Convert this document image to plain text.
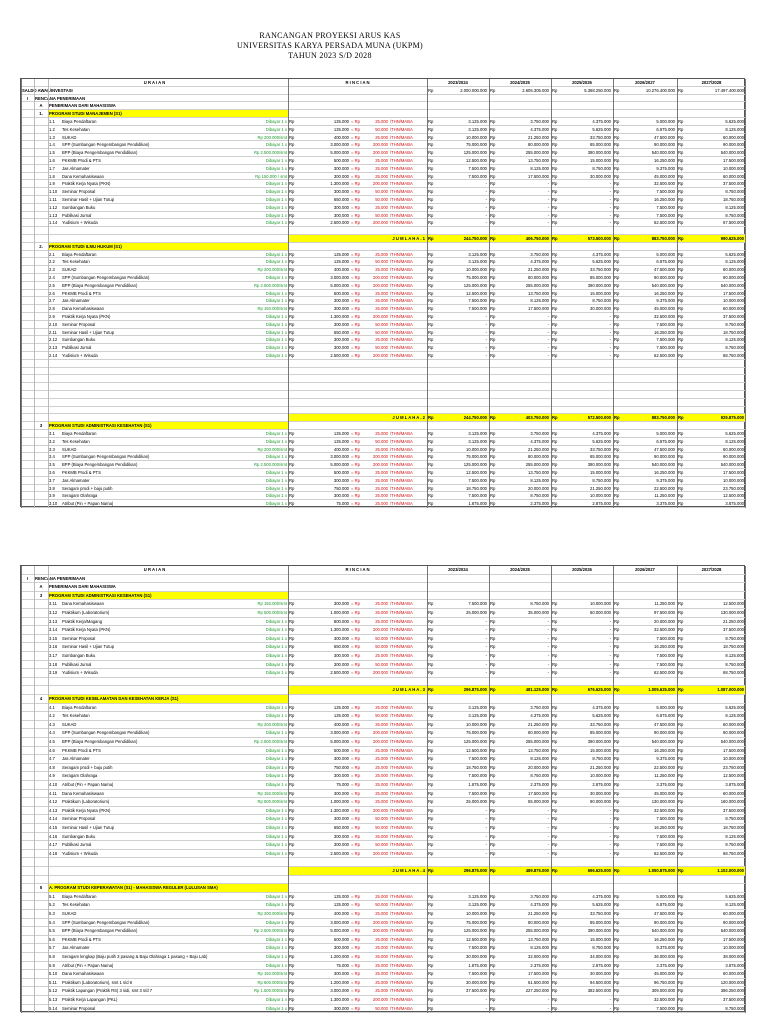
RANCANGAN PROYEKSI ARUS KAS
UNIVERSITAS KARYA PERSADA MUNA (UKPM)
TAHUN 2023 S/D 2028
U R A I A N	R I N C I A N	2023/2024	2024/2025	2025/2026	2026/2027	2027/2028
SALDO AWAL/INVESTASI	Rp	2.000.000.000 Rp	2.605.305.000 Rp	5.368.250.000 Rp	10.276.400.000 Rp	17.497.400.000
I	RENCANA PENERIMAAN
A	PENERIMAAN DARI MAHASISWA
1.	PROGRAM STUDI MANAJEMEN (S1)
1.1	Biaya Pendaftaran	Dibayar 1 x Rp	125.000 = Rp	25.000 /THN/MABA	Rp	3.125.000 Rp	3.750.000 Rp	4.375.000 Rp	5.000.000 Rp	5.625.000
1.2	Tes Kesehatan	Dibayar 1 x Rp	125.000 = Rp	50.000 /THN/MABA	Rp	3.125.000 Rp	4.375.000 Rp	5.625.000 Rp	6.875.000 Rp	8.125.000
1.3	SUKAD	Rp 200.000/smt Rp	400.000 = Rp	25.000 /THN/MABA	Rp	10.000.000 Rp	21.250.000 Rp	33.750.000 Rp	47.500.000 Rp	60.000.000
1.4	SPP (Sumbangan Pengembangan Pendidikan)	Dibayar 1 x Rp	3.000.000 = Rp	200.000 /THN/MABA	Rp	75.000.000 Rp	80.000.000 Rp	85.000.000 Rp	90.000.000 Rp	90.000.000
1.5	BPP (Biaya Pengembangan Pendidikan)	Rp 2.500.000/smt Rp	5.000.000 = Rp	200.000 /THN/MABA	Rp	125.000.000 Rp	255.000.000 Rp	390.000.000 Rp	540.000.000 Rp	540.000.000
1.6	PKKMB Prodi & PTS	Dibayar 1 x Rp	500.000 = Rp	25.000 /THN/MABA	Rp	12.500.000 Rp	13.750.000 Rp	15.000.000 Rp	16.250.000 Rp	17.500.000
1.7	Jas Almamater	Dibayar 1 x Rp	300.000 = Rp	25.000 /THN/MABA	Rp	7.500.000 Rp	8.125.000 Rp	8.750.000 Rp	9.375.000 Rp	10.000.000
1.8	Dana Kemahasiswaan	Rp 150.000 / smt Rp	300.000 = Rp	25.000 /THN/MABA	Rp	7.500.000 Rp	17.500.000 Rp	30.000.000 Rp	45.000.000 Rp	60.000.000
1.9	Praktik Kerja Nyata (PKN)	Dibayar 1 x Rp	1.300.000 = Rp	200.000 /THN/MABA	Rp	- Rp	- Rp	- Rp	32.500.000 Rp	37.500.000
1.10	Seminar Proposal	Dibayar 1 x Rp	300.000 = Rp	50.000 /THN/MABA	Rp	- Rp	- Rp	- Rp	7.500.000 Rp	8.750.000
1.11	Seminar Hasil + Ujian Tutup	Dibayar 1 x Rp	650.000 = Rp	50.000 /THN/MABA	Rp	- Rp	- Rp	- Rp	16.250.000 Rp	18.750.000
1.12	Sumbangan Buku	Dibayar 1 x Rp	300.000 = Rp	25.000 /THN/MABA	Rp	- Rp	- Rp	- Rp	7.500.000 Rp	8.125.000
1.13	Publikasi Jurnal	Dibayar 1 x Rp	300.000 = Rp	50.000 /THN/MABA	Rp	- Rp	- Rp	- Rp	7.500.000 Rp	8.750.000
1.14	Yudisium + Wisuda	Dibayar 1 x Rp	2.500.000 = Rp	200.000 /THN/MABA	Rp	- Rp	- Rp	- Rp	62.500.000 Rp	67.500.000
J U M L A H A . 1 Rp	244.750.000 Rp	406.750.000 Rp	573.500.000 Rp	883.750.000 Rp	990.625.000
2.	PROGRAM STUDI ILMU HUKUM (S1)
2.1	Biaya Pendaftaran	Dibayar 1 x Rp	125.000 = Rp	25.000 /THN/MABA	Rp	3.125.000 Rp	3.750.000 Rp	4.375.000 Rp	5.000.000 Rp	5.625.000
2.2	Tes Kesehatan	Dibayar 1 x Rp	125.000 = Rp	50.000 /THN/MABA	Rp	3.125.000 Rp	4.375.000 Rp	5.625.000 Rp	6.875.000 Rp	8.125.000
2.3	SUKAD	Rp 200.000/smt Rp	400.000 = Rp	25.000 /THN/MABA	Rp	10.000.000 Rp	21.250.000 Rp	33.750.000 Rp	47.500.000 Rp	60.000.000
2.4	SPP (Sumbangan Pengembangan Pendidikan)	Dibayar 1 x Rp	3.000.000 = Rp	200.000 /THN/MABA	Rp	75.000.000 Rp	80.000.000 Rp	85.000.000 Rp	90.000.000 Rp	90.000.000
2.5	BPP (Biaya Pengembangan Pendidikan)	Rp 2.500.000/smt Rp	5.000.000 = Rp	200.000 /THN/MABA	Rp	125.000.000 Rp	255.000.000 Rp	390.000.000 Rp	540.000.000 Rp	540.000.000
2.6	PKKMB Prodi & PTS	Dibayar 1 x Rp	500.000 = Rp	25.000 /THN/MABA	Rp	12.500.000 Rp	13.750.000 Rp	15.000.000 Rp	16.250.000 Rp	17.500.000
2.7	Jas Almamater	Dibayar 1 x Rp	300.000 = Rp	25.000 /THN/MABA	Rp	7.500.000 Rp	8.125.000 Rp	8.750.000 Rp	9.375.000 Rp	10.000.000
2.8	Dana Kemahasiswaan	Rp 150.000/smt Rp	300.000 = Rp	25.000 /THN/MABA	Rp	7.500.000 Rp	17.500.000 Rp	30.000.000 Rp	45.000.000 Rp	60.000.000
2.9	Praktik Kerja Nyata (PKN)	Dibayar 1 x Rp	1.300.000 = Rp	200.000 /THN/MABA	Rp	- Rp	- Rp	- Rp	32.500.000 Rp	37.500.000
2.10	Seminar Proposal	Dibayar 1 x Rp	300.000 = Rp	50.000 /THN/MABA	Rp	- Rp	- Rp	- Rp	7.500.000 Rp	8.750.000
2.11	Seminar Hasil + Ujian Tutup	Dibayar 1 x Rp	650.000 = Rp	50.000 /THN/MABA	Rp	- Rp	- Rp	- Rp	16.250.000 Rp	18.750.000
2.12	Sumbangan Buku	Dibayar 1 x Rp	300.000 = Rp	25.000 /THN/MABA	Rp	- Rp	- Rp	- Rp	7.500.000 Rp	8.125.000
2.13	Publikasi Jurnal	Dibayar 1 x Rp	300.000 = Rp	50.000 /THN/MABA	Rp	- Rp	- Rp	- Rp	7.500.000 Rp	8.750.000
2.14	Yudisium + Wisuda	Dibayar 1 x Rp	2.500.000 = Rp	200.000 /THN/MABA	Rp	- Rp	- Rp	- Rp	62.500.000 Rp	68.750.000
J U M L A H A . 2 Rp	244.750.000 Rp	403.750.000 Rp	572.500.000 Rp	883.750.000 Rp	925.875.000
3	PROGRAM STUDI ADMINISTRASI KESEHATAN (S1)
3.1	Biaya Pendaftaran	Dibayar 1 x Rp	125.000 = Rp	25.000 /THN/MABA	Rp	3.125.000 Rp	3.750.000 Rp	4.375.000 Rp	5.000.000 Rp	5.625.000
3.2	Tes Kesehatan	Dibayar 1 x Rp	125.000 = Rp	50.000 /THN/MABA	Rp	3.125.000 Rp	4.375.000 Rp	5.625.000 Rp	6.875.000 Rp	8.125.000
3.3	SUKAD	Rp 200.000/smt Rp	400.000 = Rp	25.000 /THN/MABA	Rp	10.000.000 Rp	21.250.000 Rp	33.750.000 Rp	47.500.000 Rp	60.000.000
3.4	SPP (Sumbangan Pengembangan Pendidikan)	Dibayar 1 x Rp	3.000.000 = Rp	200.000 /THN/MABA	Rp	75.000.000 Rp	80.000.000 Rp	85.000.000 Rp	90.000.000 Rp	90.000.000
3.5	BPP (Biaya Pengembangan Pendidikan)	Rp 2.500.000/smt Rp	5.000.000 = Rp	200.000 /THN/MABA	Rp	125.000.000 Rp	255.000.000 Rp	390.000.000 Rp	540.000.000 Rp	540.000.000
3.6	PKKMB Prodi & PTS	Dibayar 1 x Rp	500.000 = Rp	25.000 /THN/MABA	Rp	12.500.000 Rp	13.750.000 Rp	15.000.000 Rp	16.250.000 Rp	17.500.000
3.7	Jas Almamater	Dibayar 1 x Rp	300.000 = Rp	25.000 /THN/MABA	Rp	7.500.000 Rp	8.125.000 Rp	8.750.000 Rp	9.375.000 Rp	10.000.000
3.8	Seragam prodi + baju putih	Dibayar 1 x Rp	750.000 = Rp	25.000 /THN/MABA	Rp	18.750.000 Rp	20.000.000 Rp	21.250.000 Rp	22.500.000 Rp	23.750.000
3.9	Seragam Olahraga	Dibayar 1 x Rp	300.000 = Rp	25.000 /THN/MABA	Rp	7.500.000 Rp	8.750.000 Rp	10.000.000 Rp	11.250.000 Rp	12.500.000
3.10	Atribut (Pin + Papan Nama)	Dibayar 1 x Rp	75.000 = Rp	25.000 /THN/MABA	Rp	1.875.000 Rp	2.375.000 Rp	2.875.000 Rp	3.375.000 Rp	3.875.000
U R A I A N	R I N C I A N	2023/2024	2024/2025	2025/2026	2026/2027	2027/2028
I	RENCANA PENERIMAAN
A	PENERIMAAN DARI MAHASISWA
3	PROGRAM STUDI ADMINISTRASI KESEHATAN (S1)
3.11	Dana Kemahasiswaan	Rp 150.000/smt Rp	300.000 = Rp	25.000 /THN/MABA	Rp	7.500.000 Rp	8.750.000 Rp	10.000.000 Rp	11.250.000 Rp	12.500.000
3.12	Praktikum (Laboratorium)	Rp 500.000/smt Rp	1.000.000 = Rp	25.000 /THN/MABA	Rp	25.000.000 Rp	35.000.000 Rp	60.000.000 Rp	97.500.000 Rp	130.000.000
3.13	Praktik Kerja/Magang	Dibayar 1 x Rp	800.000 = Rp	25.000 /THN/MABA	Rp	- Rp	- Rp	- Rp	20.000.000 Rp	21.250.000
3.14	Praktik Kerja Nyata (PKN)	Dibayar 1 x Rp	1.300.000 = Rp	200.000 /THN/MABA	Rp	- Rp	- Rp	- Rp	32.500.000 Rp	37.500.000
3.15	Seminar Proposal	Dibayar 1 x Rp	300.000 = Rp	50.000 /THN/MABA	Rp	- Rp	- Rp	- Rp	7.500.000 Rp	8.750.000
3.16	Seminar Hasil + Ujian Tutup	Dibayar 1 x Rp	650.000 = Rp	50.000 /THN/MABA	Rp	- Rp	- Rp	- Rp	16.250.000 Rp	18.750.000
3.17	Sumbangan Buku	Dibayar 1 x Rp	300.000 = Rp	25.000 /THN/MABA	Rp	- Rp	- Rp	- Rp	7.500.000 Rp	8.125.000
3.18	Publikasi Jurnal	Dibayar 1 x Rp	300.000 = Rp	50.000 /THN/MABA	Rp	- Rp	- Rp	- Rp	7.500.000 Rp	8.750.000
3.19	Yudisium + Wisuda	Dibayar 1 x Rp	2.500.000 = Rp	200.000 /THN/MABA	Rp	- Rp	- Rp	- Rp	62.500.000 Rp	68.750.000
J U M L A H A . 3 Rp	296.875.000 Rp	481.125.000 Rp	676.625.000 Rp	1.005.625.000 Rp	1.087.000.000
4	PROGRAM STUDI KESELAMATAN DAN KESEHATAN KERJA (S1)
4.1	Biaya Pendaftaran	Dibayar 1 x Rp	125.000 = Rp	25.000 /THN/MABA	Rp	3.125.000 Rp	3.750.000 Rp	4.375.000 Rp	5.000.000 Rp	5.625.000
4.2	Tes Kesehatan	Dibayar 1 x Rp	125.000 = Rp	50.000 /THN/MABA	Rp	3.125.000 Rp	4.375.000 Rp	5.625.000 Rp	6.875.000 Rp	8.125.000
4.3	SUKAD	Rp 200.000/smt Rp	400.000 = Rp	25.000 /THN/MABA	Rp	10.000.000 Rp	21.250.000 Rp	33.750.000 Rp	47.500.000 Rp	60.000.000
4.4	SPP (Sumbangan Pengembangan Pendidikan)	Dibayar 1 x Rp	3.000.000 = Rp	200.000 /THN/MABA	Rp	75.000.000 Rp	80.000.000 Rp	85.000.000 Rp	90.000.000 Rp	90.000.000
4.5	BPP (Biaya Pengembangan Pendidikan)	Rp 2.500.000/smt Rp	5.000.000 = Rp	200.000 /THN/MABA	Rp	125.000.000 Rp	255.000.000 Rp	390.000.000 Rp	540.000.000 Rp	540.000.000
4.6	PKKMB Prodi & PTS	Dibayar 1 x Rp	500.000 = Rp	25.000 /THN/MABA	Rp	12.500.000 Rp	13.750.000 Rp	15.000.000 Rp	16.250.000 Rp	17.500.000
4.7	Jas Almamater	Dibayar 1 x Rp	300.000 = Rp	25.000 /THN/MABA	Rp	7.500.000 Rp	8.125.000 Rp	8.750.000 Rp	9.375.000 Rp	10.000.000
4.8	Seragam prodi + baju putih	Dibayar 1 x Rp	750.000 = Rp	25.000 /THN/MABA	Rp	18.750.000 Rp	20.000.000 Rp	21.250.000 Rp	22.500.000 Rp	23.750.000
4.9	Seragam Olahraga	Dibayar 1 x Rp	300.000 = Rp	25.000 /THN/MABA	Rp	7.500.000 Rp	8.750.000 Rp	10.000.000 Rp	11.250.000 Rp	12.500.000
4.10	Atribut (Pin + Papan Nama)	Dibayar 1 x Rp	75.000 = Rp	25.000 /THN/MABA	Rp	1.875.000 Rp	2.375.000 Rp	2.875.000 Rp	3.375.000 Rp	3.875.000
4.11	Dana Kemahasiswaan	Rp 150.000/smt Rp	300.000 = Rp	25.000 /THN/MABA	Rp	7.500.000 Rp	17.500.000 Rp	30.000.000 Rp	45.000.000 Rp	60.000.000
4.12	Praktikum (Laboratorium)	Rp 500.000/smt Rp	1.000.000 = Rp	25.000 /THN/MABA	Rp	25.000.000 Rp	55.000.000 Rp	90.000.000 Rp	130.000.000 Rp	160.000.000
4.13	Praktik Kerja Nyata (PKN)	Dibayar 1 x Rp	1.300.000 = Rp	200.000 /THN/MABA	Rp	- Rp	- Rp	- Rp	32.500.000 Rp	37.500.000
4.14	Seminar Proposal	Dibayar 1 x Rp	300.000 = Rp	50.000 /THN/MABA	Rp	- Rp	- Rp	- Rp	7.500.000 Rp	8.750.000
4.15	Seminar Hasil + Ujian Tutup	Dibayar 1 x Rp	650.000 = Rp	50.000 /THN/MABA	Rp	- Rp	- Rp	- Rp	16.250.000 Rp	18.750.000
4.16	Sumbangan Buku	Dibayar 1 x Rp	300.000 = Rp	25.000 /THN/MABA	Rp	- Rp	- Rp	- Rp	7.500.000 Rp	8.125.000
4.17	Publikasi Jurnal	Dibayar 1 x Rp	300.000 = Rp	50.000 /THN/MABA	Rp	- Rp	- Rp	- Rp	7.500.000 Rp	8.750.000
4.18	Yudisium + Wisuda	Dibayar 1 x Rp	2.500.000 = Rp	200.000 /THN/MABA	Rp	- Rp	- Rp	- Rp	62.500.000 Rp	68.750.000
J U M L A H A . 4 Rp	296.875.000 Rp	489.875.000 Rp	696.625.000 Rp	1.050.875.000 Rp	1.102.000.000
5	A. PROGRAM STUDI KEPERAWATAN (S1) - MAHASISWA REGULER (LULUSAN SMA)
5.1	Biaya Pendaftaran	Dibayar 1 x Rp	125.000 = Rp	25.000 /THN/MABA	Rp	3.125.000 Rp	3.750.000 Rp	4.375.000 Rp	5.000.000 Rp	5.625.000
5.2	Tes Kesehatan	Dibayar 1 x Rp	125.000 = Rp	50.000 /THN/MABA	Rp	3.125.000 Rp	4.375.000 Rp	5.625.000 Rp	6.875.000 Rp	8.125.000
5.3	SUKAD	Rp 200.000/smt Rp	400.000 = Rp	25.000 /THN/MABA	Rp	10.000.000 Rp	21.250.000 Rp	33.750.000 Rp	47.500.000 Rp	60.000.000
5.4	SPP (Sumbangan Pengembangan Pendidikan)	Dibayar 1 x Rp	3.000.000 = Rp	200.000 /THN/MABA	Rp	75.000.000 Rp	80.000.000 Rp	85.000.000 Rp	90.000.000 Rp	90.000.000
5.5	BPP (Biaya Pengembangan Pendidikan)	Rp 2.500.000/smt Rp	5.000.000 = Rp	200.000 /THN/MABA	Rp	125.000.000 Rp	255.000.000 Rp	390.000.000 Rp	540.000.000 Rp	540.000.000
5.6	PKKMB Prodi & PTS	Dibayar 1 x Rp	500.000 = Rp	25.000 /THN/MABA	Rp	12.500.000 Rp	13.750.000 Rp	15.000.000 Rp	16.250.000 Rp	17.500.000
5.7	Jas Almamater	Dibayar 1 x Rp	300.000 = Rp	25.000 /THN/MABA	Rp	7.500.000 Rp	8.125.000 Rp	8.750.000 Rp	9.375.000 Rp	10.000.000
5.8	Seragam lengkap (Baju putih 3 pasang & Baju Olahraga 1 pasang + Baju Lab)	Dibayar 1 x Rp	1.200.000 = Rp	25.000 /THN/MABA	Rp	30.000.000 Rp	32.000.000 Rp	34.000.000 Rp	36.000.000 Rp	38.000.000
5.9	Atribut (Pin + Papan Nama)	Dibayar 1 x Rp	75.000 = Rp	25.000 /THN/MABA	Rp	1.875.000 Rp	2.375.000 Rp	2.875.000 Rp	3.375.000 Rp	3.875.000
5.10	Dana Kemahasiswaan	Rp 150.000/smt Rp	300.000 = Rp	25.000 /THN/MABA	Rp	7.500.000 Rp	17.500.000 Rp	30.000.000 Rp	45.000.000 Rp	60.000.000
5.11	Praktikum (Laboratorium), smt 1 s/d 6	Rp 600.000/smt Rp	1.200.000 = Rp	25.000 /THN/MABA	Rp	30.000.000 Rp	61.500.000 Rp	94.500.000 Rp	96.750.000 Rp	120.000.000
5.12	Praktik Lapangan (Praktik RS) 3 sidi, smt 3 s/d 7	Rp 1.500.000/smt Rp	3.000.000 = Rp	25.000 /THN/MABA	Rp	37.500.000 Rp	227.250.000 Rp	382.500.000 Rp	309.000.000 Rp	386.250.000
5.13	Praktik Kerja Lapangan (PKL)	Dibayar 1 x Rp	1.300.000 = Rp	200.000 /THN/MABA	Rp	- Rp	- Rp	- Rp	32.500.000 Rp	37.500.000
5.14	Seminar Proposal	Dibayar 1 x Rp	300.000 = Rp	50.000 /THN/MABA	Rp	- Rp	- Rp	- Rp	7.500.000 Rp	8.750.000
